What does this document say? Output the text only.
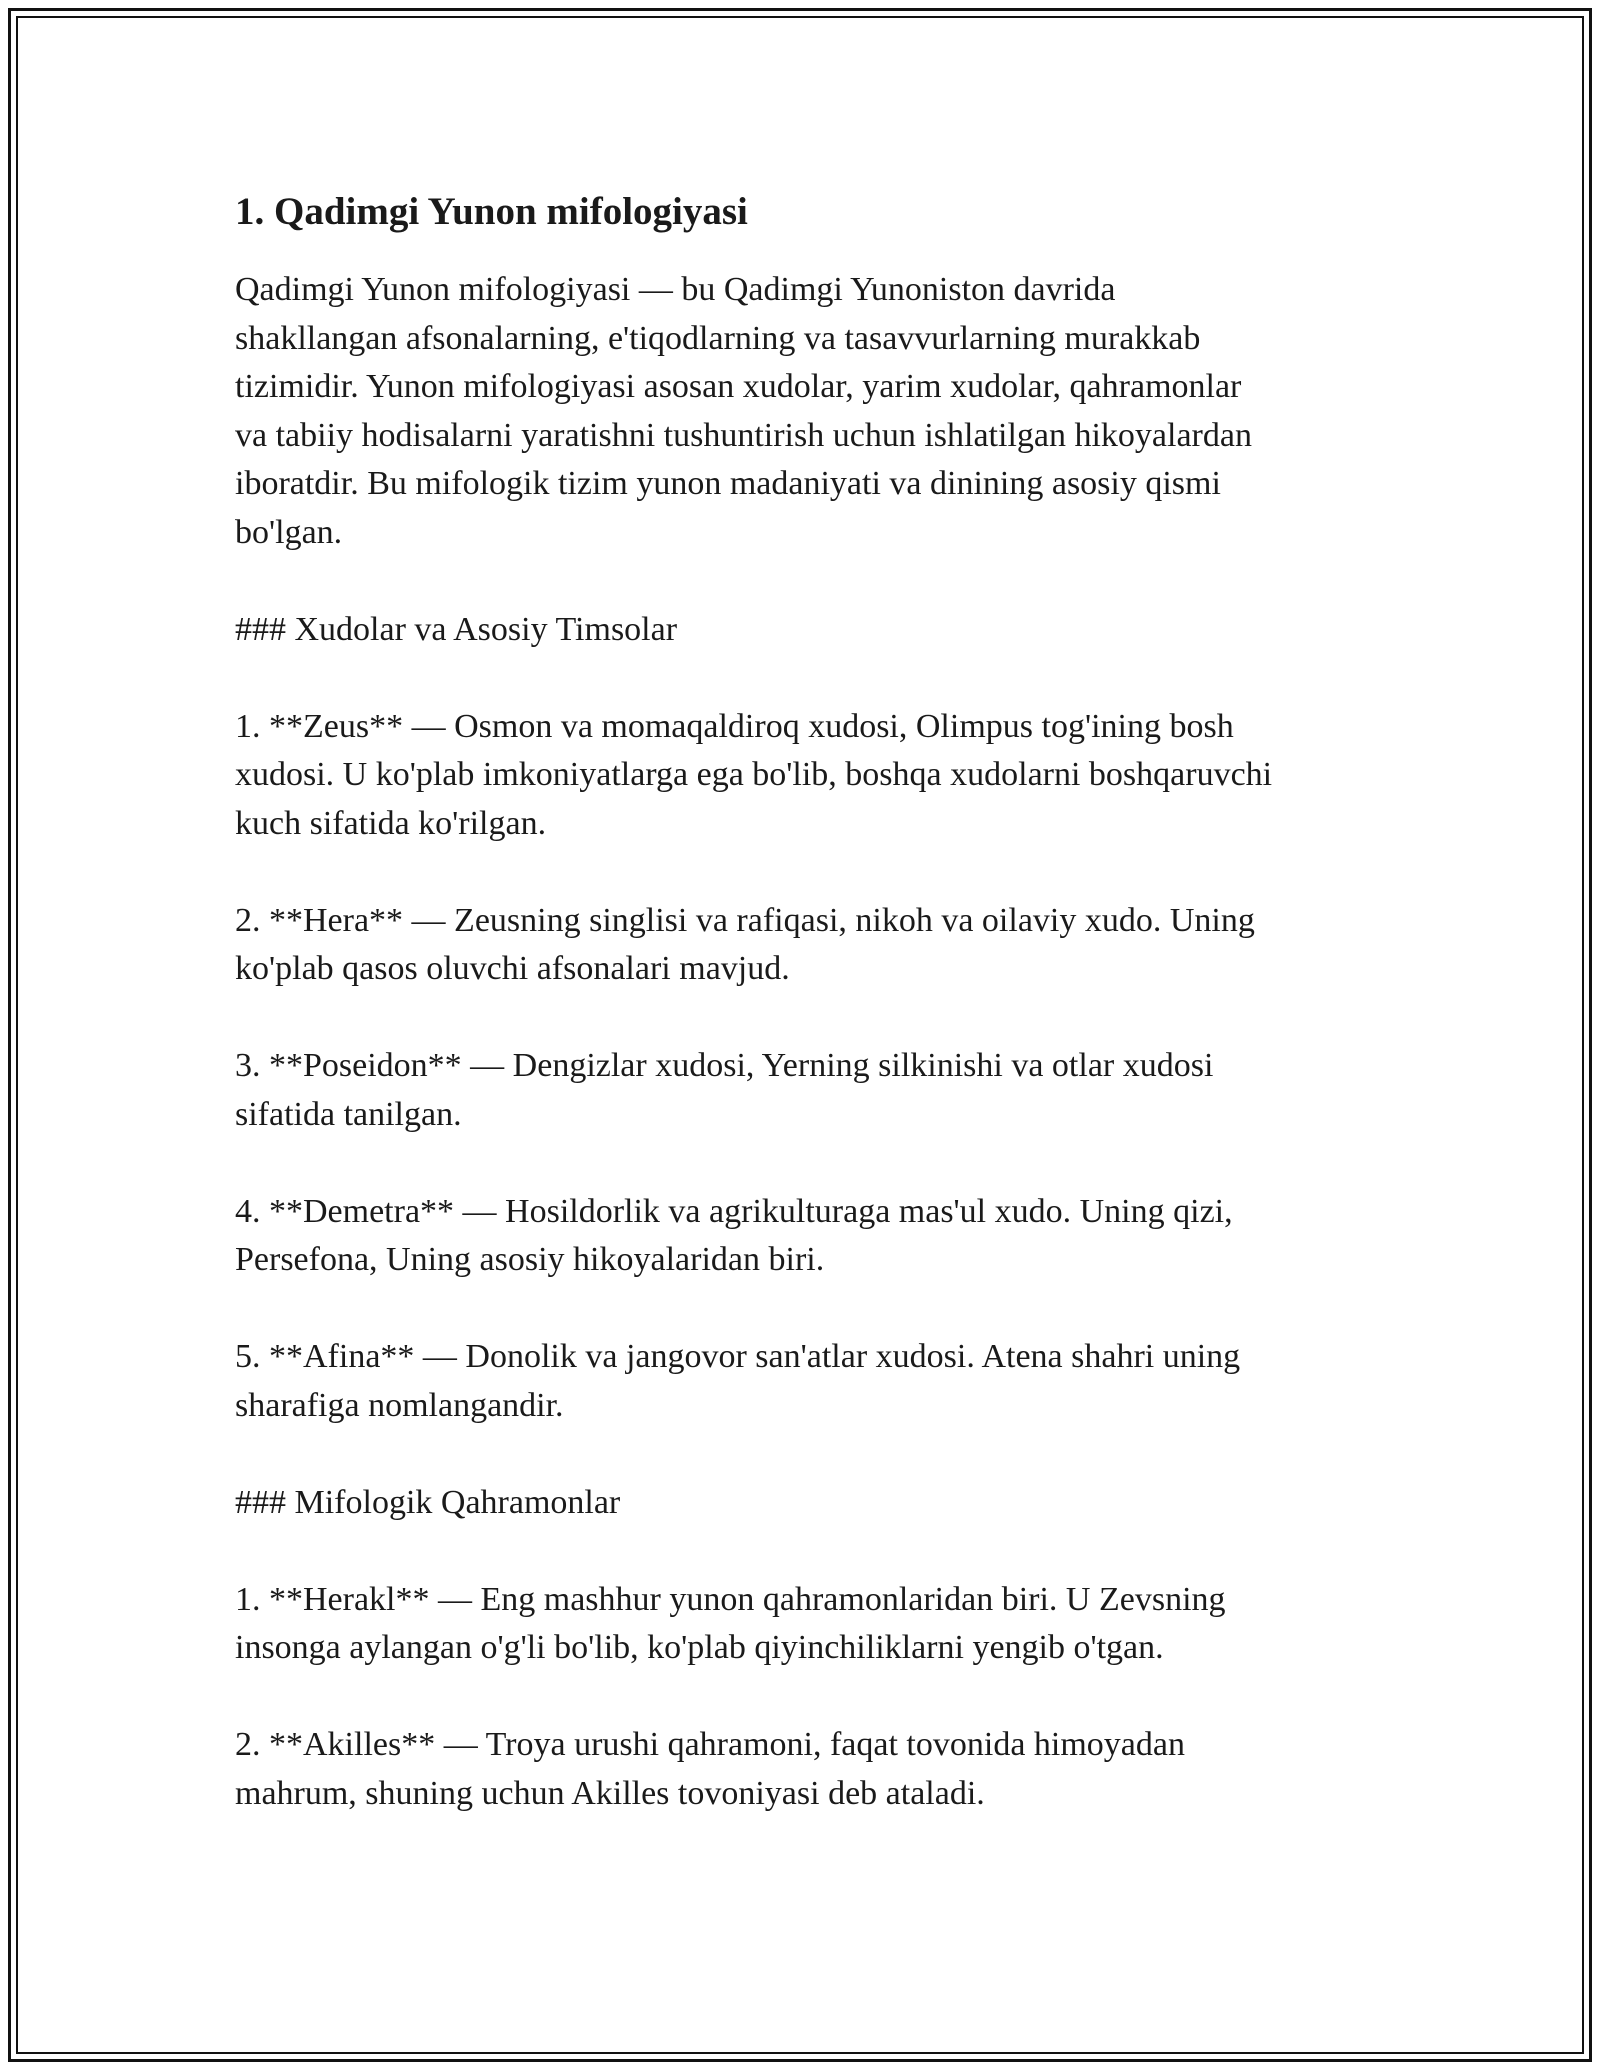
1. Qadimgi Yunon mifologiyasi

Qadimgi Yunon mifologiyasi — bu Qadimgi Yunoniston davrida
shakllangan afsonalarning, e'tiqodlarning va tasavvurlarning murakkab
tizimidir. Yunon mifologiyasi asosan xudolar, yarim xudolar, qahramonlar
va tabiiy hodisalarni yaratishni tushuntirish uchun ishlatilgan hikoyalardan
iboratdir. Bu mifologik tizim yunon madaniyati va dinining asosiy qismi
bo'lgan.

### Xudolar va Asosiy Timsolar

1. **Zeus** — Osmon va momaqaldiroq xudosi, Olimpus tog'ining bosh
xudosi. U ko'plab imkoniyatlarga ega bo'lib, boshqa xudolarni boshqaruvchi
kuch sifatida ko'rilgan.

2. **Hera** — Zeusning singlisi va rafiqasi, nikoh va oilaviy xudo. Uning
ko'plab qasos oluvchi afsonalari mavjud.

3. **Poseidon** — Dengizlar xudosi, Yerning silkinishi va otlar xudosi
sifatida tanilgan.

4. **Demetra** — Hosildorlik va agrikulturaga mas'ul xudo. Uning qizi,
Persefona, Uning asosiy hikoyalaridan biri.

5. **Afina** — Donolik va jangovor san'atlar xudosi. Atena shahri uning
sharafiga nomlangandir.

### Mifologik Qahramonlar

1. **Herakl** — Eng mashhur yunon qahramonlaridan biri. U Zevsning
insonga aylangan o'g'li bo'lib, ko'plab qiyinchiliklarni yengib o'tgan.

2. **Akilles** — Troya urushi qahramoni, faqat tovonida himoyadan
mahrum, shuning uchun Akilles tovoniyasi deb ataladi.
